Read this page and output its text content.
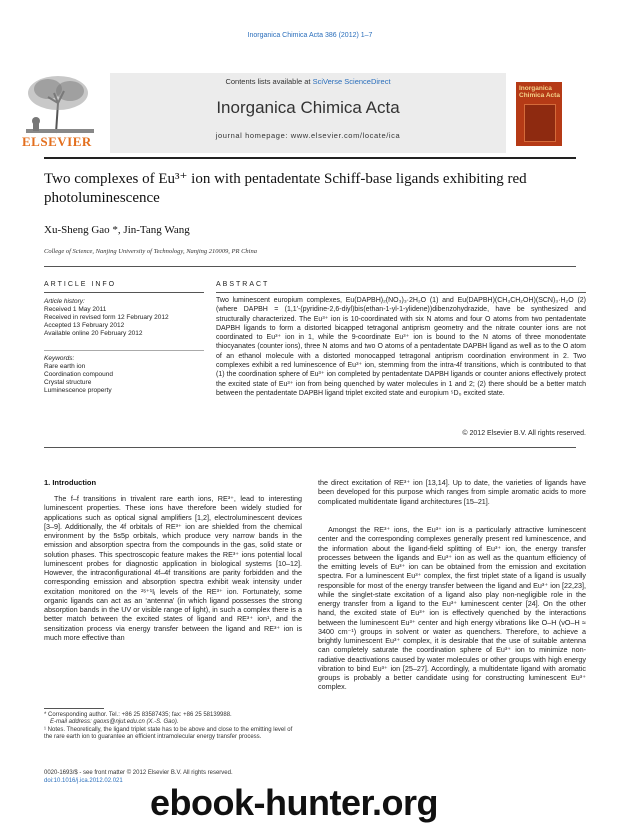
Inorganica Chimica Acta 386 (2012) 1–7
ELSEVIER
Contents lists available at SciVerse ScienceDirect
Inorganica Chimica Acta
journal homepage: www.elsevier.com/locate/ica
Inorganica Chimica Acta
Two complexes of Eu³⁺ ion with pentadentate Schiff-base ligands exhibiting red photoluminescence
Xu-Sheng Gao *, Jin-Tang Wang
College of Science, Nanjing University of Technology, Nanjing 210009, PR China
ARTICLE INFO
Article history:
Received 1 May 2011
Received in revised form 12 February 2012
Accepted 13 February 2012
Available online 20 February 2012
Keywords:
Rare earth ion
Coordination compound
Crystal structure
Luminescence property
ABSTRACT
Two luminescent europium complexes, Eu(DAPBH)₂(NO₃)₃·2H₂O (1) and Eu(DAPBH)(CH₃CH₂OH)(SCN)₃·H₂O (2) (where DAPBH = (1,1′-(pyridine-2,6-diyl)bis(ethan-1-yl-1-ylidene))dibenzohydrazide, have be synthesized and structurally characterized. The Eu³⁺ ion is 10-coordinated with six N atoms and four O atoms from two pentadentate DAPBH ligands to form a distorted bicapped tetragonal antiprism geometry and the nitrate counter ions are not coordinated to Eu³⁺ ion in 1, while the 9-coordinate Eu³⁺ ion is bound to the N atoms of three monodentate thiocyanates (counter ions), three N atoms and two O atoms of a pentadentate DAPBH ligand as well as to the O atom of an ethanol molecule with a distorted monocapped tetragonal antiprism coordination environment in 2. Two complexes exhibit a red luminescence of Eu³⁺ ion, stemming from the intra-4f transitions, which is contributed to that (1) the coordination sphere of Eu³⁺ ion completed by pentadentate DAPBH ligands or counter anions effectively protect the excited state of Eu³⁺ ion from being quenched by water molecules in 1 and 2; (2) there should be a better match between the pentadentate DAPBH ligand triplet excited state and europium ⁵D₀ excited state.
© 2012 Elsevier B.V. All rights reserved.
1. Introduction
The f–f transitions in trivalent rare earth ions, RE³⁺, lead to interesting luminescent properties. These ions have therefore been widely studied for applications such as optical signal amplifiers [1,2], electroluminescent devices [3–9]. Additionally, the 4f orbitals of RE³⁺ ion are shielded from the chemical environment by the 5s5p orbitals, which produce very narrow bands in the emission and absorption spectra from the compounds in the gas, solid state or solution phases. This spectroscopic feature makes the RE³⁺ ions potential local luminescent probes for diagnostic application in biological systems [10–12]. However, the intraconfigurational 4f–4f transitions are parity forbidden and the corresponding emission and absorption spectra exhibit weak intensity under excitation monitored on the ²ˢ⁺¹Iⱼ levels of the RE³⁺ ion. Fortunately, some organic ligands can act as an ‘antenna’ (in which ligand possesses the strong absorption bands in the UV or visible range of light), in such a complex there is a better match between the excited states of ligand and RE³⁺ ion¹, and the sensitization process via energy transfer between the ligand and RE³⁺ ion is much more effective than
the direct excitation of RE³⁺ ion [13,14]. Up to date, the varieties of ligands have been developed for this purpose which ranges from simple aromatic acids to more complicated multidentate ligand architectures [15–21].
Amongst the RE³⁺ ions, the Eu³⁺ ion is a particularly attractive luminescent center and the corresponding complexes generally present red luminescence, and the information about the ligand-field splitting of Eu³⁺ ion, the energy transfer processes between the ligands and Eu³⁺ ion as well as the quantum efficiency of the emitting levels of Eu³⁺ ion can be obtained from the emission and excitation spectra. For a luminescent Eu³⁺ complex, the first triplet state of a ligand is usually responsible for most of the energy transfer between the ligand and Eu³⁺ ion [22,23], while the singlet-state excitation of a ligand also play non-negligible role in the energy transfer from a ligand to the Eu³⁺ luminescent center [24]. On the other hand, the excited state of Eu³⁺ ion is effectively quenched by the interactions between the luminescent Eu³⁺ center and high energy vibrations like O–H (νO–H ≈ 3400 cm⁻¹) groups in solvent or water as quenchers. Therefore, to achieve a brightly luminescent Eu³⁺ complex, it is desirable that the use of suitable antenna can completely saturate the coordination sphere of Eu³⁺ ion to minimize non-radiative deactivations caused by water molecules or other groups with high energy vibration to bind Eu³⁺ ion [25–27]. Accordingly, a multidentate ligand with aromatic groups is probably a better candidate using for constructing luminescent Eu³⁺ complex.
* Corresponding author. Tel.: +86 25 83587435; fax: +86 25 58139988.
E-mail address: gaoxs@njut.edu.cn (X.-S. Gao).
¹ Notes. Theoretically, the ligand triplet state has to be above and close to the emitting level of the rare earth ion to guarantee an efficient intramolecular energy transfer process.
0020-1693/$ - see front matter © 2012 Elsevier B.V. All rights reserved.
doi:10.1016/j.ica.2012.02.021
ebook-hunter.org
